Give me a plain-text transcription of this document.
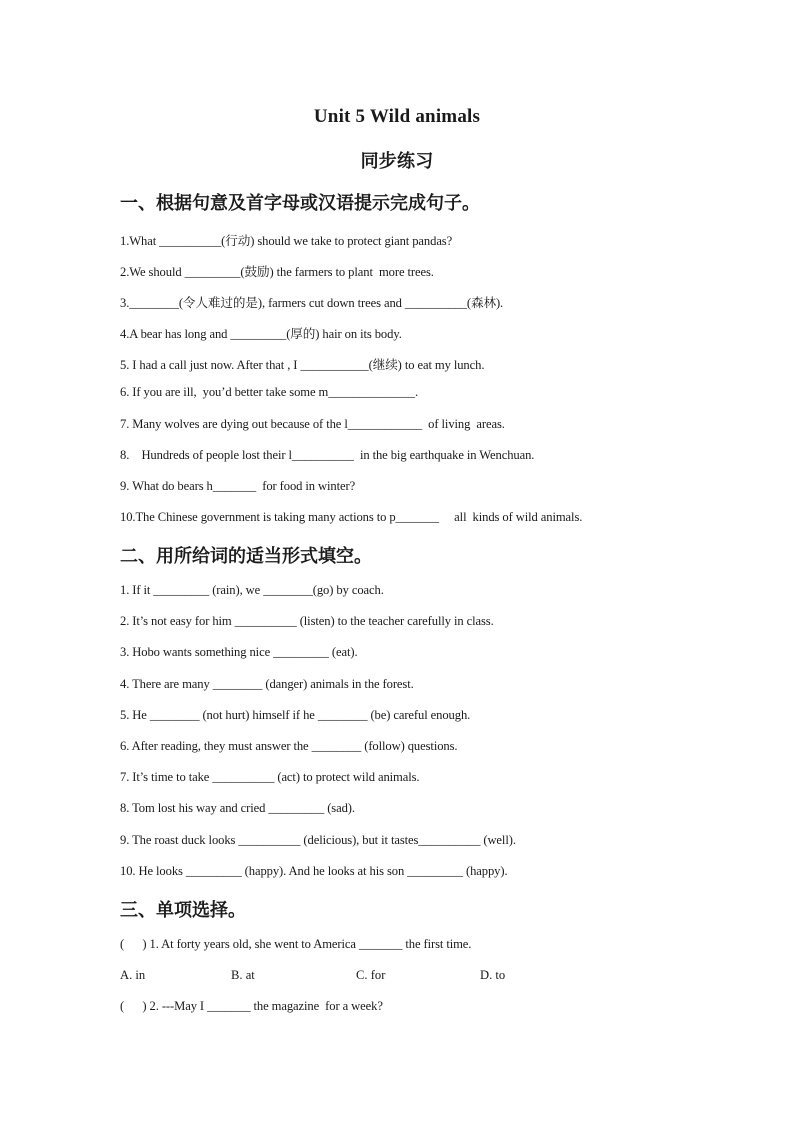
Unit 5 Wild animals
同步练习
一、根据句意及首字母或汉语提示完成句子。
1.What __________(行动) should we take to protect giant pandas?
2.We should _________(鼓励) the farmers to plant  more trees.
3.________(令人难过的是), farmers cut down trees and __________(森林).
4.A bear has long and _________(厚的) hair on its body.
5. I had a call just now. After that , I ___________(继续) to eat my lunch.
6. If you are ill,  you’d better take some m______________.
7. Many wolves are dying out because of the l____________  of living  areas.
8.    Hundreds of people lost their l__________  in the big earthquake in Wenchuan.
9. What do bears h_______  for food in winter?
10.The Chinese government is taking many actions to p_______     all  kinds of wild animals.
二、用所给词的适当形式填空。
1. If it _________ (rain), we ________(go) by coach.
2. It’s not easy for him __________ (listen) to the teacher carefully in class.
3. Hobo wants something nice _________ (eat).
4. There are many ________ (danger) animals in the forest.
5. He ________ (not hurt) himself if he ________ (be) careful enough.
6. After reading, they must answer the ________ (follow) questions.
7. It’s time to take __________ (act) to protect wild animals.
8. Tom lost his way and cried _________ (sad).
9. The roast duck looks __________ (delicious), but it tastes__________ (well).
10. He looks _________ (happy). And he looks at his son _________ (happy).
三、单项选择。
(      ) 1. At forty years old, she went to America _______ the first time.
A. in	B. at	C. for	D. to
(      ) 2. ---May I _______ the magazine  for a week?
